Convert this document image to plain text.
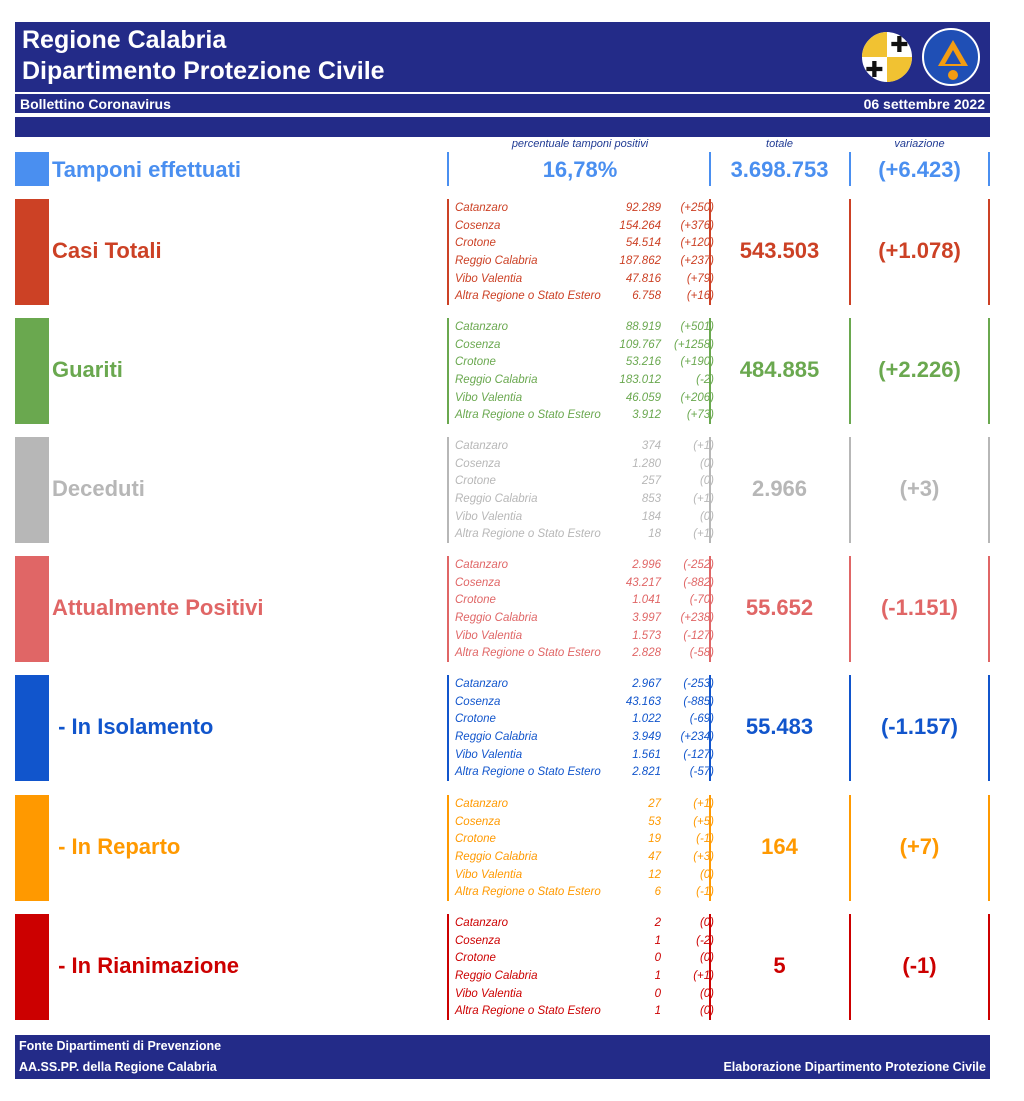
Regione Calabria
Dipartimento Protezione Civile
Bollettino Coronavirus	06 settembre 2022
✚
✚
percentuale tamponi positivi	totale	variazione
Tamponi effettuati	16,78%	3.698.753	(+6.423)
Casi Totali	543.503	(+1.078)
Catanzaro	92.289	(+250)
Cosenza	154.264	(+376)
Crotone	54.514	(+120)
Reggio Calabria	187.862	(+237)
Vibo Valentia	47.816	(+79)
Altra Regione o Stato Estero	6.758	(+16)
Guariti	484.885	(+2.226)
Catanzaro	88.919	(+501)
Cosenza	109.767	(+1258)
Crotone	53.216	(+190)
Reggio Calabria	183.012	(-2)
Vibo Valentia	46.059	(+206)
Altra Regione o Stato Estero	3.912	(+73)
Deceduti	2.966	(+3)
Catanzaro	374	(+1)
Cosenza	1.280	(0)
Crotone	257	(0)
Reggio Calabria	853	(+1)
Vibo Valentia	184	(0)
Altra Regione o Stato Estero	18	(+1)
Attualmente Positivi	55.652	(-1.151)
Catanzaro	2.996	(-252)
Cosenza	43.217	(-882)
Crotone	1.041	(-70)
Reggio Calabria	3.997	(+238)
Vibo Valentia	1.573	(-127)
Altra Regione o Stato Estero	2.828	(-58)
- In Isolamento	55.483	(-1.157)
Catanzaro	2.967	(-253)
Cosenza	43.163	(-885)
Crotone	1.022	(-69)
Reggio Calabria	3.949	(+234)
Vibo Valentia	1.561	(-127)
Altra Regione o Stato Estero	2.821	(-57)
- In Reparto	164	(+7)
Catanzaro	27	(+1)
Cosenza	53	(+5)
Crotone	19	(-1)
Reggio Calabria	47	(+3)
Vibo Valentia	12	(0)
Altra Regione o Stato Estero	6	(-1)
- In Rianimazione	5	(-1)
Catanzaro	2	(0)
Cosenza	1	(-2)
Crotone	0	(0)
Reggio Calabria	1	(+1)
Vibo Valentia	0	(0)
Altra Regione o Stato Estero	1	(0)
Fonte Dipartimenti di Prevenzione
AA.SS.PP. della Regione Calabria	Elaborazione Dipartimento Protezione Civile
